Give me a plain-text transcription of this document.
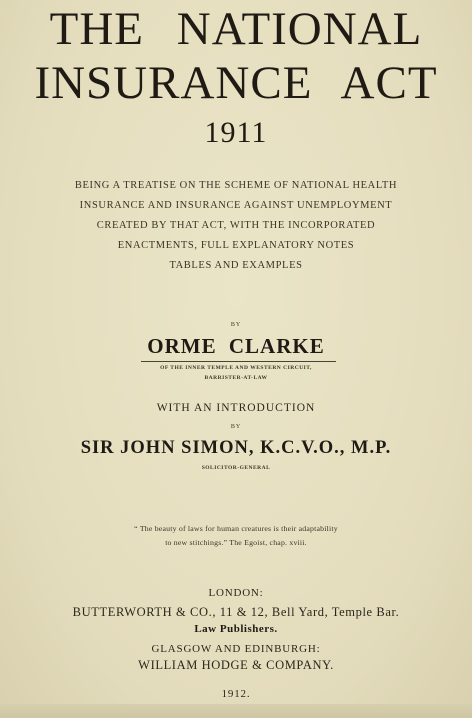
THE NATIONAL
INSURANCE ACT
1911
BEING A TREATISE ON THE SCHEME OF NATIONAL HEALTH
INSURANCE AND INSURANCE AGAINST UNEMPLOYMENT
CREATED BY THAT ACT, WITH THE INCORPORATED
ENACTMENTS, FULL EXPLANATORY NOTES
TABLES AND EXAMPLES
BY
ORME CLARKE
OF THE INNER TEMPLE AND WESTERN CIRCUIT,
BARRISTER-AT-LAW
WITH AN INTRODUCTION
BY
SIR JOHN SIMON, K.C.V.O., M.P.
SOLICITOR-GENERAL
“ The beauty of laws for human creatures is their adaptability
to new stitchings.” The Egoist, chap. xviii.
LONDON:
BUTTERWORTH & CO., 11 & 12, Bell Yard, Temple Bar.
Law Publishers.
GLASGOW AND EDINBURGH:
WILLIAM HODGE & COMPANY.
1912.
